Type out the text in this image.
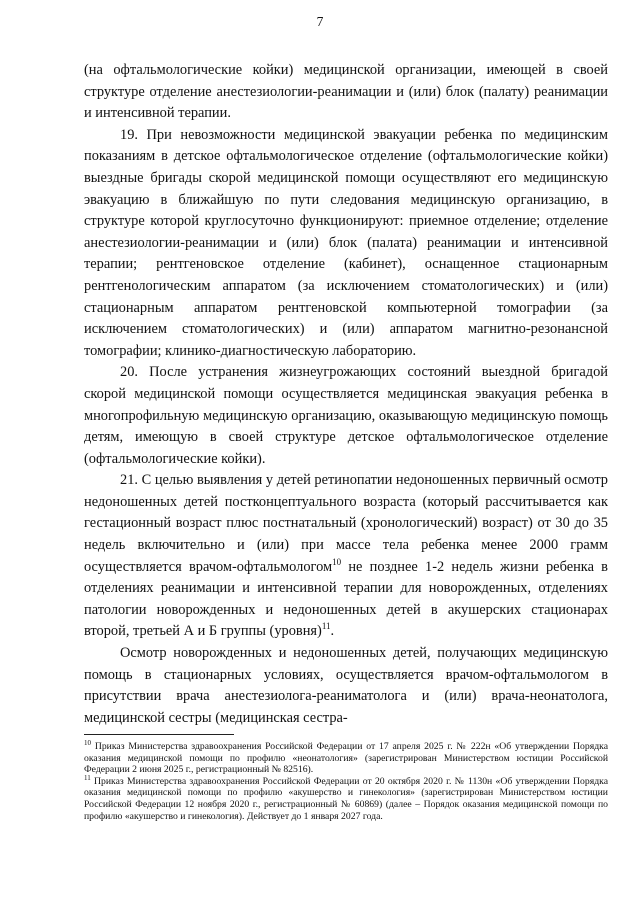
7

(на офтальмологические койки) медицинской организации, имеющей в своей структуре отделение анестезиологии-реанимации и (или) блок (палату) реанимации и интенсивной терапии.

19. При невозможности медицинской эвакуации ребенка по медицинским показаниям в детское офтальмологическое отделение (офтальмологические койки) выездные бригады скорой медицинской помощи осуществляют его медицинскую эвакуацию в ближайшую по пути следования медицинскую организацию, в структуре которой круглосуточно функционируют: приемное отделение; отделение анестезиологии-реанимации и (или) блок (палата) реанимации и интенсивной терапии; рентгеновское отделение (кабинет), оснащенное стационарным рентгенологическим аппаратом (за исключением стоматологических) и (или) стационарным аппаратом рентгеновской компьютерной томографии (за исключением стоматологических) и (или) аппаратом магнитно-резонансной томографии; клинико-диагностическую лабораторию.

20. После устранения жизнеугрожающих состояний выездной бригадой скорой медицинской помощи осуществляется медицинская эвакуация ребенка в многопрофильную медицинскую организацию, оказывающую медицинскую помощь детям, имеющую в своей структуре детское офтальмологическое отделение (офтальмологические койки).

21. С целью выявления у детей ретинопатии недоношенных первичный осмотр недоношенных детей постконцептуального возраста (который рассчитывается как гестационный возраст плюс постнатальный (хронологический) возраст) от 30 до 35 недель включительно и (или) при массе тела ребенка менее 2000 грамм осуществляется врачом-офтальмологом$^{10}$ не позднее 1-2 недель жизни ребенка в отделениях реанимации и интенсивной терапии для новорожденных, отделениях патологии новорожденных и недоношенных детей в акушерских стационарах второй, третьей А и Б группы (уровня)$^{11}$.

Осмотр новорожденных и недоношенных детей, получающих медицинскую помощь в стационарных условиях, осуществляется врачом-офтальмологом в присутствии врача анестезиолога-реаниматолога и (или) врача-неонатолога, медицинской сестры (медицинская сестра-

$^{10}$ Приказ Министерства здравоохранения Российской Федерации от 17 апреля 2025 г. № 222н «Об утверждении Порядка оказания медицинской помощи по профилю «неонатология» (зарегистрирован Министерством юстиции Российской Федерации 2 июня 2025 г., регистрационный № 82516).

$^{11}$ Приказ Министерства здравоохранения Российской Федерации от 20 октября 2020 г. № 1130н «Об утверждении Порядка оказания медицинской помощи по профилю «акушерство и гинекология» (зарегистрирован Министерством юстиции Российской Федерации 12 ноября 2020 г., регистрационный № 60869) (далее – Порядок оказания медицинской помощи по профилю «акушерство и гинекология). Действует до 1 января 2027 года.
